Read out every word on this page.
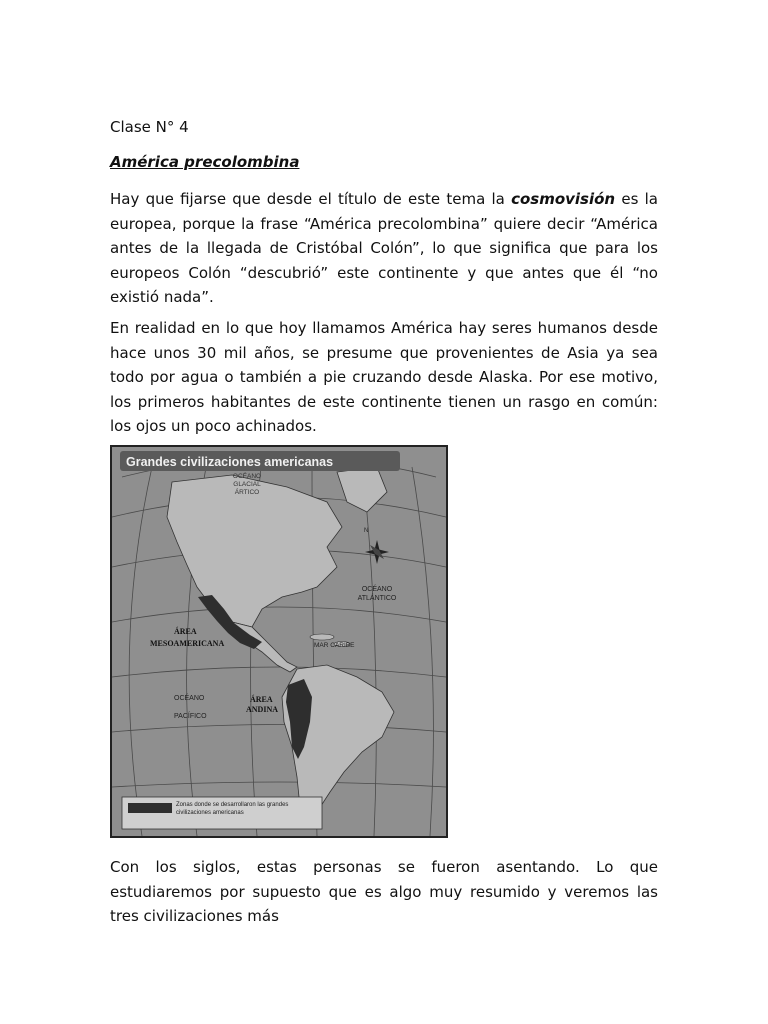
Clase N° 4
América precolombina
Hay que fijarse que desde el título de este tema la cosmovisión es la europea, porque la frase “América precolombina” quiere decir “América antes de la llegada de Cristóbal Colón”, lo que significa que para los europeos Colón “descubrió” este continente y que antes que él “no existió nada”.
En realidad en lo que hoy llamamos América hay seres humanos desde hace unos 30 mil años, se presume que provenientes de Asia ya sea todo por agua o también a pie cruzando desde Alaska. Por ese motivo, los primeros habitantes de este continente tienen un rasgo en común: los ojos un poco achinados.
Grandes civilizaciones americanas
OCÉANO GLACIAL ÁRTICO
N
OCÉANO ATLÁNTICO
MAR CARIBE
ÁREA
MESOAMERICANA
ÁREA
ANDINA
OCÉANO
PACÍFICO
Zonas donde se desarrollaron las grandes civilizaciones americanas
Con los siglos, estas personas se fueron asentando. Lo que estudiaremos por supuesto que es algo muy resumido y veremos las tres civilizaciones más
